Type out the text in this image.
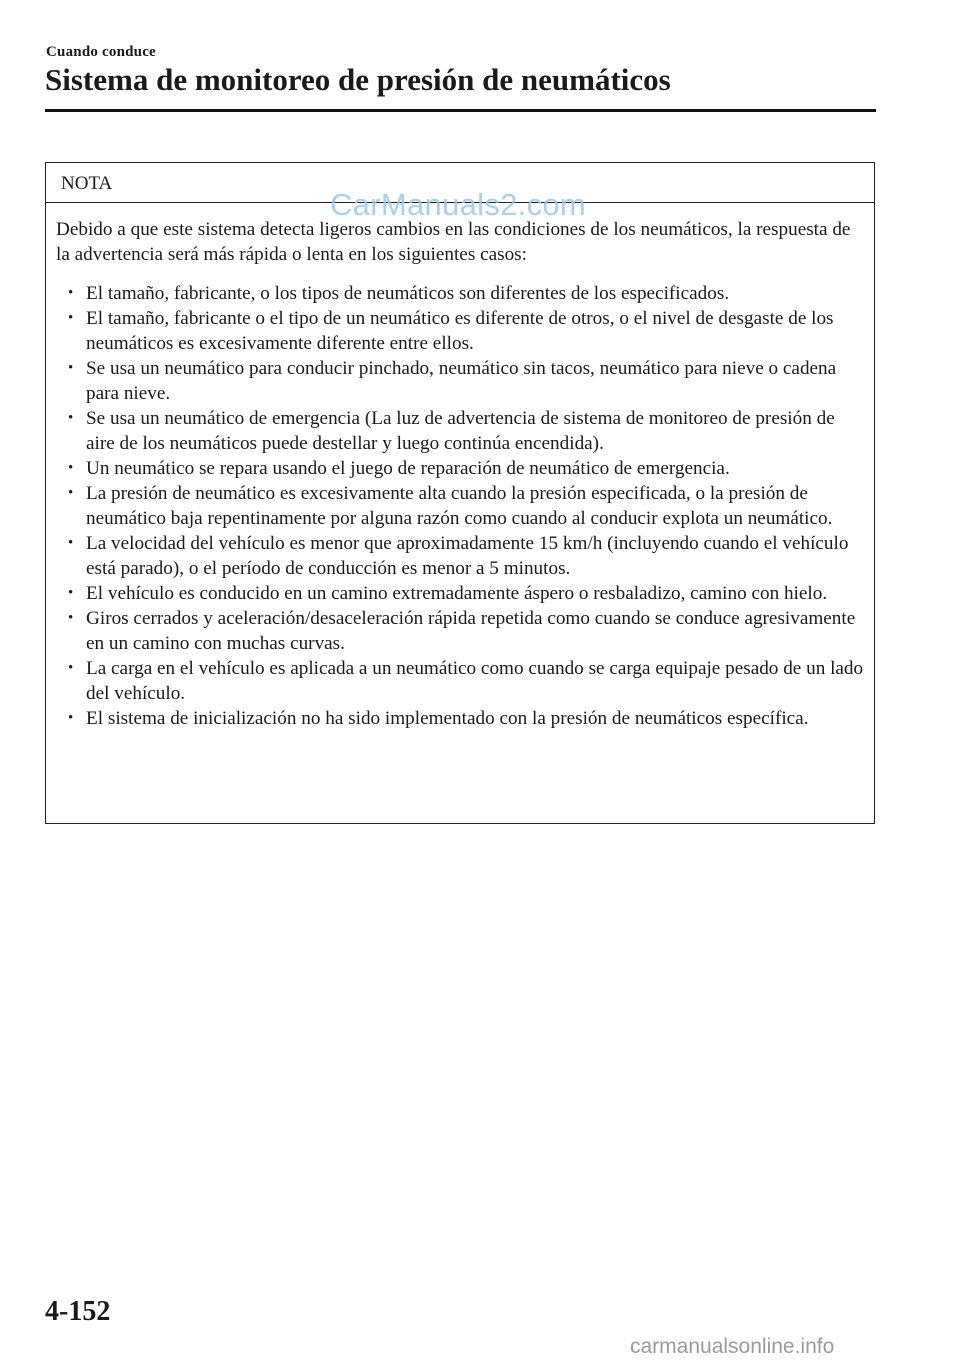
Cuando conduce
Sistema de monitoreo de presión de neumáticos
NOTA

Debido a que este sistema detecta ligeros cambios en las condiciones de los neumáticos, la respuesta de la advertencia será más rápida o lenta en los siguientes casos:

• El tamaño, fabricante, o los tipos de neumáticos son diferentes de los especificados.
• El tamaño, fabricante o el tipo de un neumático es diferente de otros, o el nivel de desgaste de los neumáticos es excesivamente diferente entre ellos.
• Se usa un neumático para conducir pinchado, neumático sin tacos, neumático para nieve o cadena para nieve.
• Se usa un neumático de emergencia (La luz de advertencia de sistema de monitoreo de presión de aire de los neumáticos puede destellar y luego continúa encendida).
• Un neumático se repara usando el juego de reparación de neumático de emergencia.
• La presión de neumático es excesivamente alta cuando la presión especificada, o la presión de neumático baja repentinamente por alguna razón como cuando al conducir explota un neumático.
• La velocidad del vehículo es menor que aproximadamente 15 km/h (incluyendo cuando el vehículo está parado), o el período de conducción es menor a 5 minutos.
• El vehículo es conducido en un camino extremadamente áspero o resbaladizo, camino con hielo.
• Giros cerrados y aceleración/desaceleración rápida repetida como cuando se conduce agresivamente en un camino con muchas curvas.
• La carga en el vehículo es aplicada a un neumático como cuando se carga equipaje pesado de un lado del vehículo.
• El sistema de inicialización no ha sido implementado con la presión de neumáticos específica.
CarManuals2.com
4-152
carmanualsonline.info
